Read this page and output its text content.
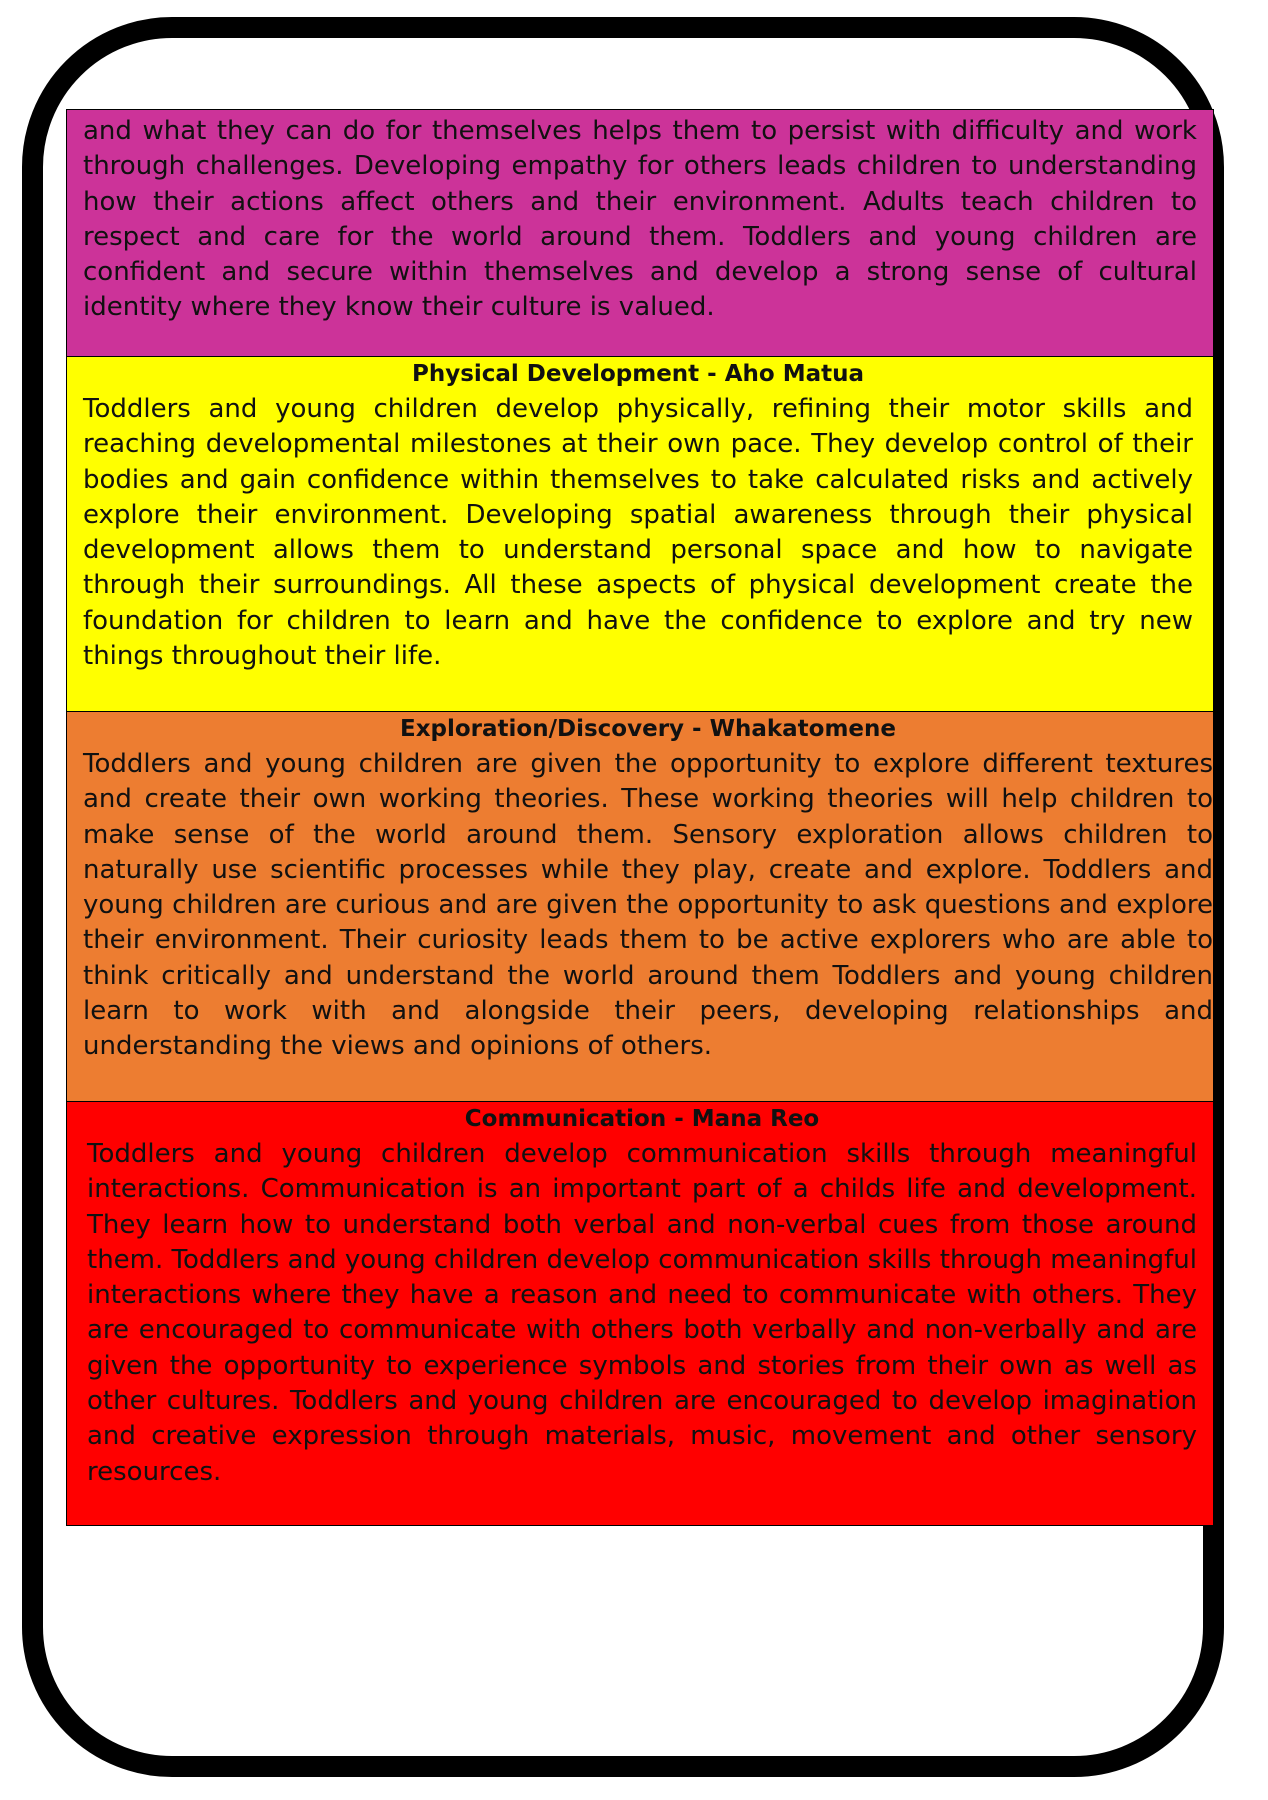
and what they can do for themselves helps them to persist with difficulty and work through challenges. Developing empathy for others leads children to understanding how their actions affect others and their environment. Adults teach children to respect and care for the world around them. Toddlers and young children are confident and secure within themselves and develop a strong sense of cultural identity where they know their culture is valued.

Physical Development - Aho Matua

Toddlers and young children develop physically, refining their motor skills and reaching developmental milestones at their own pace. They develop control of their bodies and gain confidence within themselves to take calculated risks and actively explore their environment. Developing spatial awareness through their physical development allows them to understand personal space and how to navigate through their surroundings. All these aspects of physical development create the foundation for children to learn and have the confidence to explore and try new things throughout their life.

Exploration/Discovery - Whakatomene

Toddlers and young children are given the opportunity to explore different textures and create their own working theories. These working theories will help children to make sense of the world around them. Sensory exploration allows children to naturally use scientific processes while they play, create and explore. Toddlers and young children are curious and are given the opportunity to ask questions and explore their environment. Their curiosity leads them to be active explorers who are able to think critically and understand the world around them Toddlers and young children learn to work with and alongside their peers, developing relationships and understanding the views and opinions of others.

Communication - Mana Reo

Toddlers and young children develop communication skills through meaningful interactions. Communication is an important part of a childs life and development. They learn how to understand both verbal and non-verbal cues from those around them. Toddlers and young children develop communication skills through meaningful interactions where they have a reason and need to communicate with others. They are encouraged to communicate with others both verbally and non-verbally and are given the opportunity to experience symbols and stories from their own as well as other cultures. Toddlers and young children are encouraged to develop imagination and creative expression through materials, music, movement and other sensory resources.
